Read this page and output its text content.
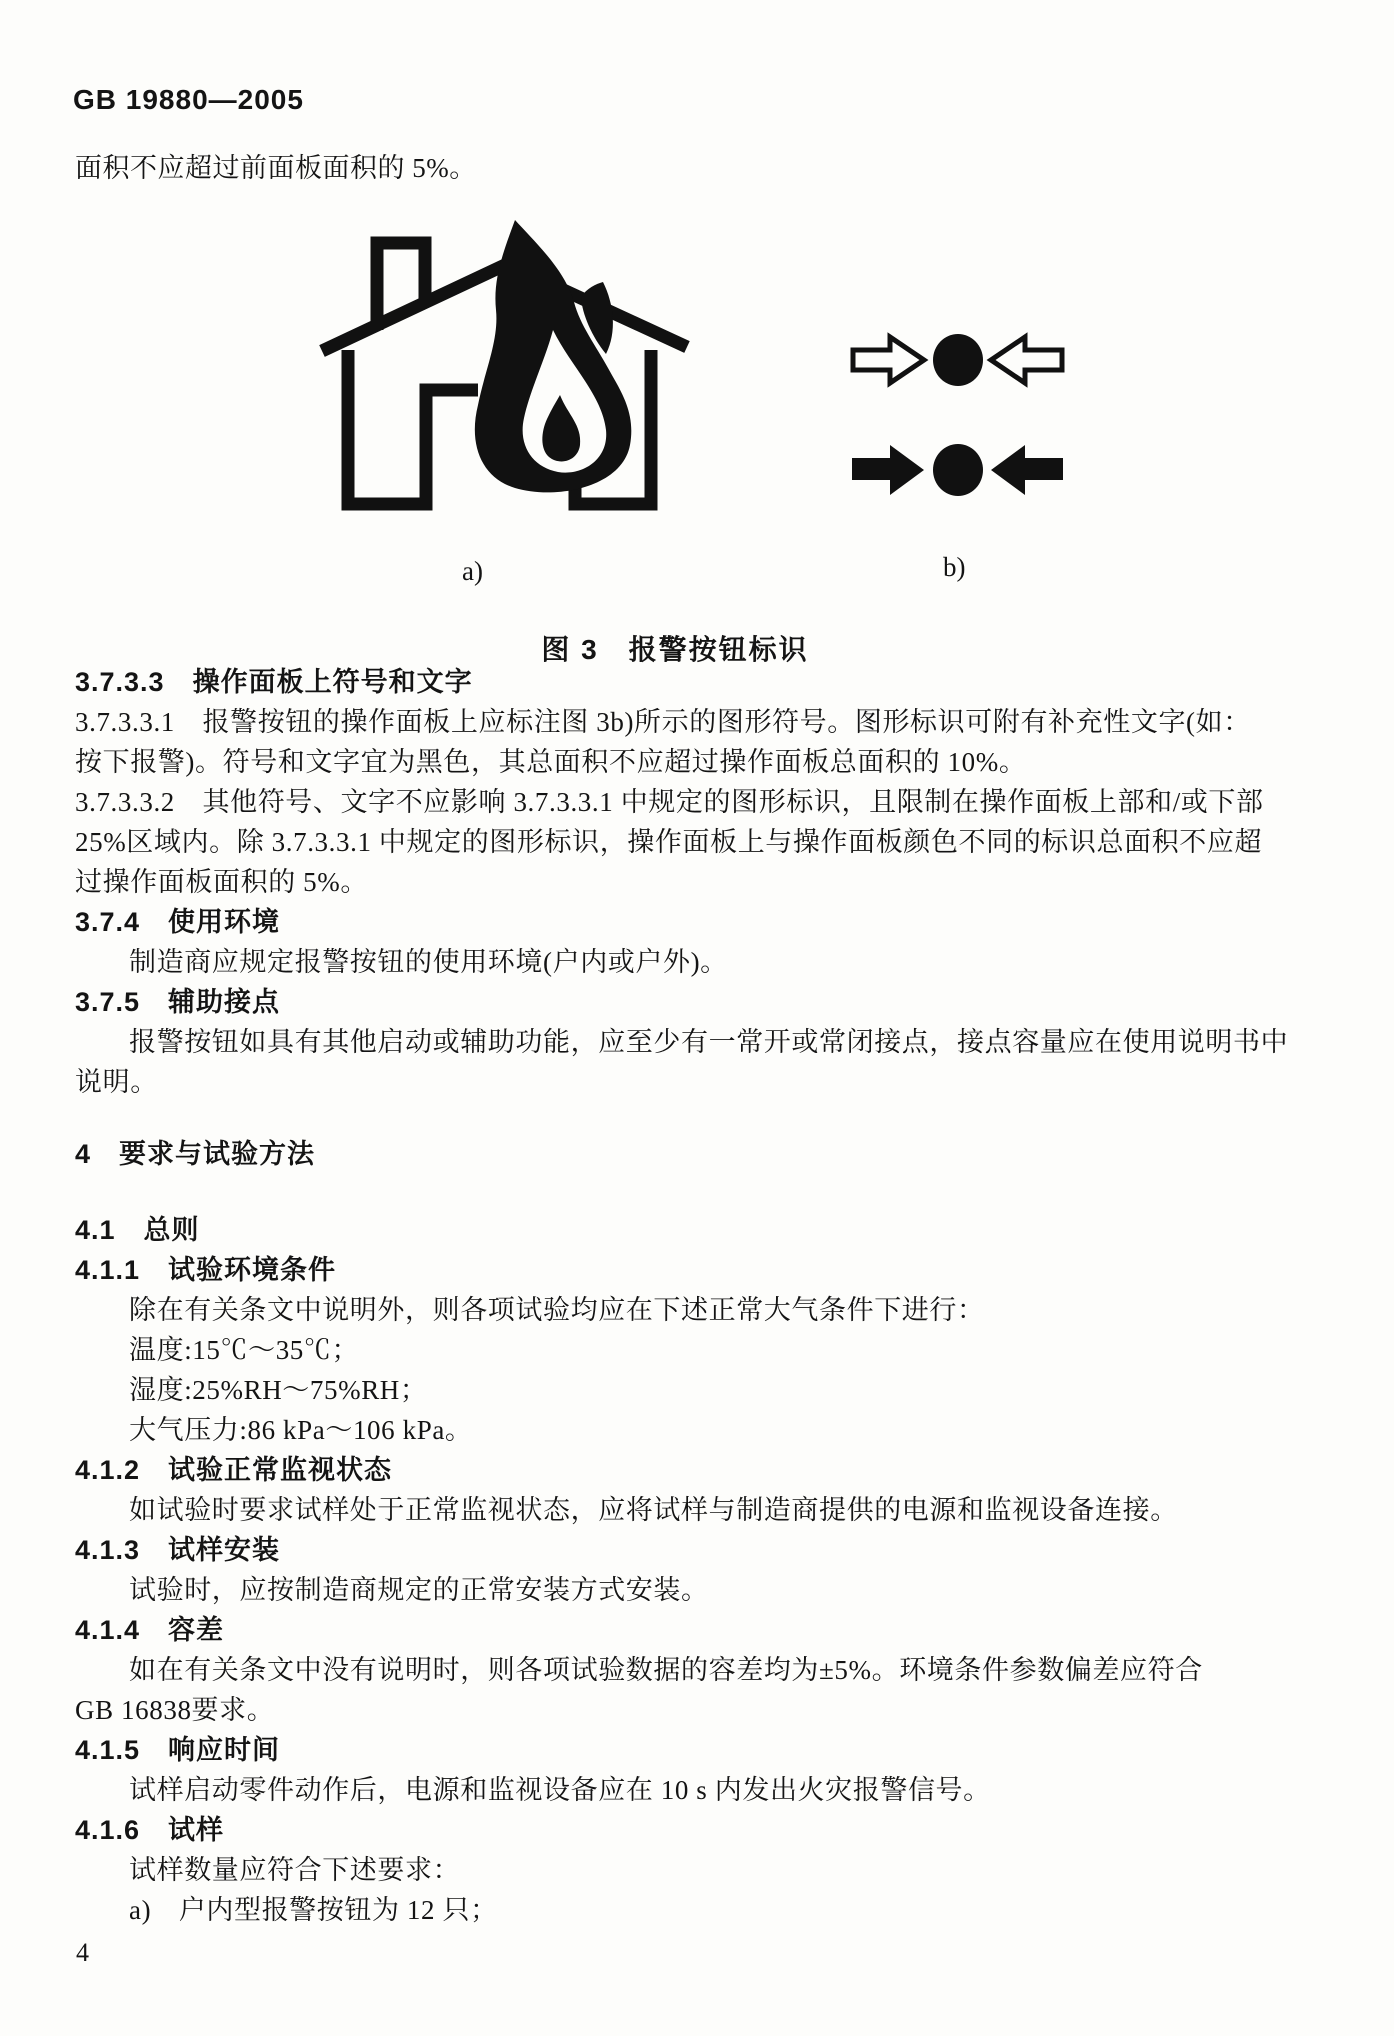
GB 19880—2005
面积不应超过前面板面积的 5%。
a)	b)
图 3　报警按钮标识
3.7.3.3　操作面板上符号和文字
3.7.3.3.1　报警按钮的操作面板上应标注图 3b)所示的图形符号。图形标识可附有补充性文字(如：
按下报警)。符号和文字宜为黑色，其总面积不应超过操作面板总面积的 10%。
3.7.3.3.2　其他符号、文字不应影响 3.7.3.3.1 中规定的图形标识，且限制在操作面板上部和/或下部
25%区域内。除 3.7.3.3.1 中规定的图形标识，操作面板上与操作面板颜色不同的标识总面积不应超
过操作面板面积的 5%。
3.7.4　使用环境
制造商应规定报警按钮的使用环境(户内或户外)。
3.7.5　辅助接点
报警按钮如具有其他启动或辅助功能，应至少有一常开或常闭接点，接点容量应在使用说明书中
说明。
4　要求与试验方法
4.1　总则
4.1.1　试验环境条件
除在有关条文中说明外，则各项试验均应在下述正常大气条件下进行：
温度:15℃～35℃；
湿度:25%RH～75%RH；
大气压力:86 kPa～106 kPa。
4.1.2　试验正常监视状态
如试验时要求试样处于正常监视状态，应将试样与制造商提供的电源和监视设备连接。
4.1.3　试样安装
试验时，应按制造商规定的正常安装方式安装。
4.1.4　容差
如在有关条文中没有说明时，则各项试验数据的容差均为±5%。环境条件参数偏差应符合
GB 16838要求。
4.1.5　响应时间
试样启动零件动作后，电源和监视设备应在 10 s 内发出火灾报警信号。
4.1.6　试样
试样数量应符合下述要求：
a)　户内型报警按钮为 12 只；
4
